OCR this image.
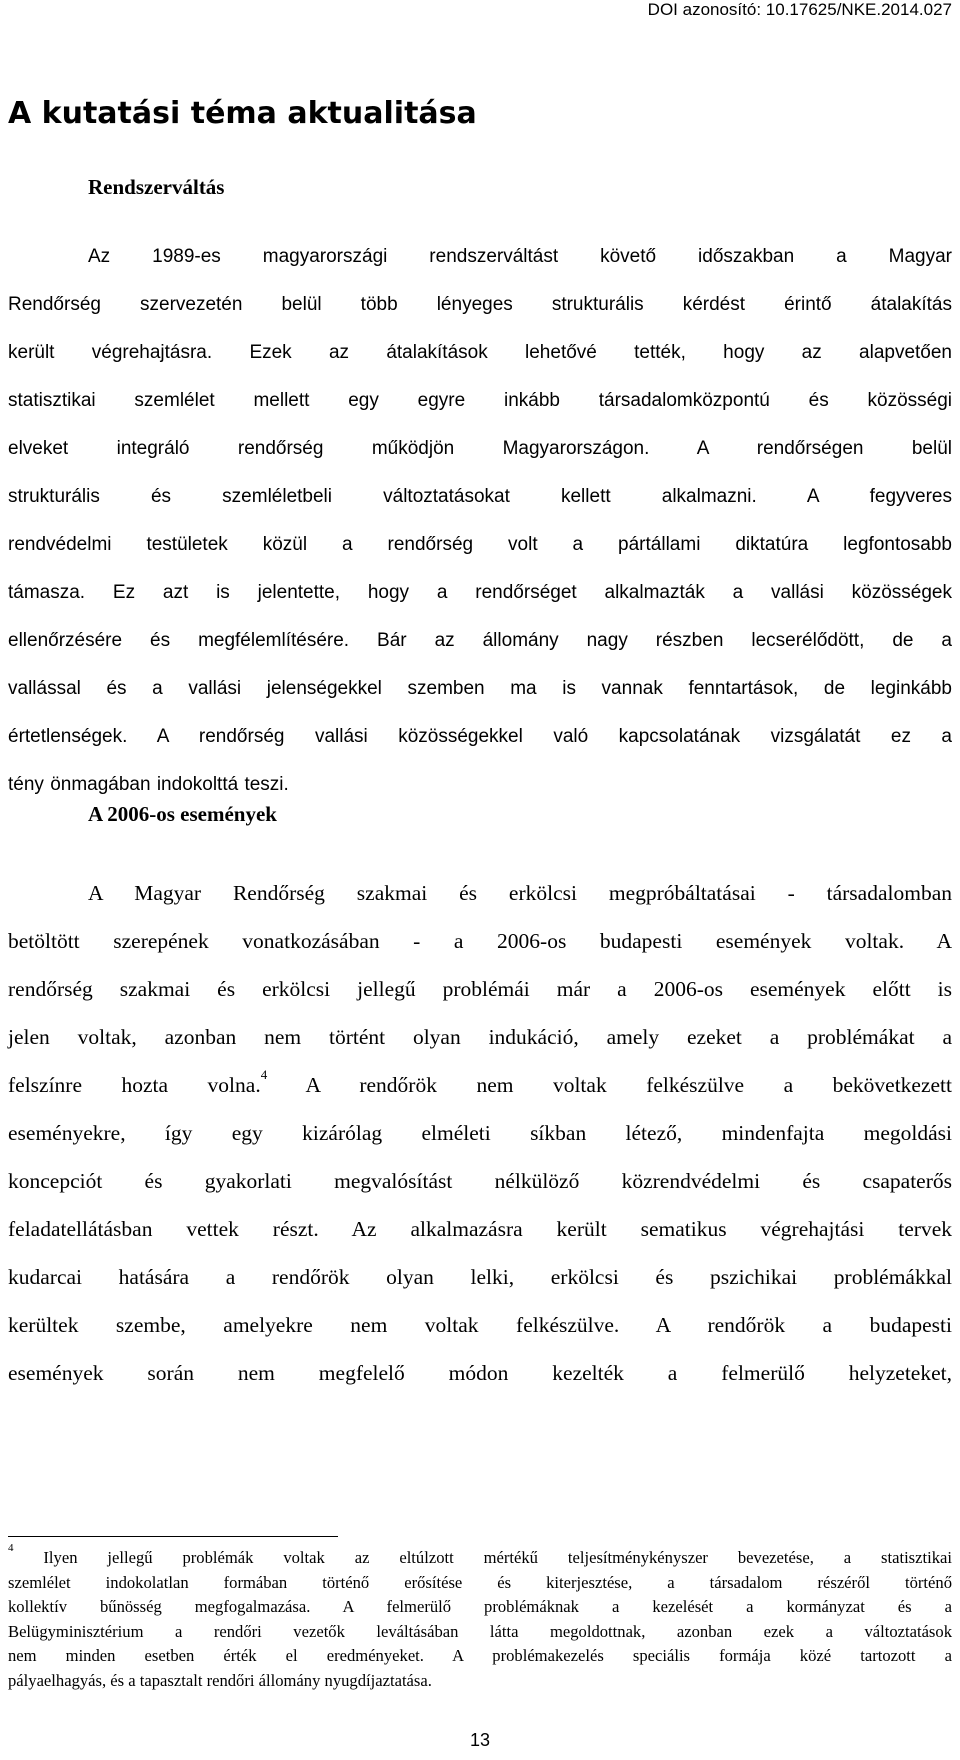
DOI azonosító: 10.17625/NKE.2014.027
A kutatási téma aktualitása
Rendszerváltás
Az 1989-es magyarországi rendszerváltást követő időszakban a Magyar
Rendőrség szervezetén belül több lényeges strukturális kérdést érintő átalakítás
került végrehajtásra. Ezek az átalakítások lehetővé tették, hogy az alapvetően
statisztikai szemlélet mellett egy egyre inkább társadalomközpontú és közösségi
elveket integráló rendőrség működjön Magyarországon. A rendőrségen belül
strukturális és szemléletbeli változtatásokat kellett alkalmazni. A fegyveres
rendvédelmi testületek közül a rendőrség volt a pártállami diktatúra legfontosabb
támasza. Ez azt is jelentette, hogy a rendőrséget alkalmazták a vallási közösségek
ellenőrzésére és megfélemlítésére. Bár az állomány nagy részben lecserélődött, de a
vallással és a vallási jelenségekkel szemben ma is vannak fenntartások, de leginkább
értetlenségek. A rendőrség vallási közösségekkel való kapcsolatának vizsgálatát ez a
tény önmagában indokolttá teszi.
A 2006-os események
A Magyar Rendőrség szakmai és erkölcsi megpróbáltatásai - társadalomban
betöltött szerepének vonatkozásában - a 2006-os budapesti események voltak. A
rendőrség szakmai és erkölcsi jellegű problémái már a 2006-os események előtt is
jelen voltak, azonban nem történt olyan indukáció, amely ezeket a problémákat a
felszínre hozta volna.$^4$ A rendőrök nem voltak felkészülve a bekövetkezett
eseményekre, így egy kizárólag elméleti síkban létező, mindenfajta megoldási
koncepciót és gyakorlati megvalósítást nélkülöző közrendvédelmi és csapaterős
feladatellátásban vettek részt. Az alkalmazásra került sematikus végrehajtási tervek
kudarcai hatására a rendőrök olyan lelki, erkölcsi és pszichikai problémákkal
kerültek szembe, amelyekre nem voltak felkészülve. A rendőrök a budapesti
események során nem megfelelő módon kezelték a felmerülő helyzeteket,
$^4$ Ilyen jellegű problémák voltak az eltúlzott mértékű teljesítménykényszer bevezetése, a statisztikai
szemlélet indokolatlan formában történő erősítése és kiterjesztése, a társadalom részéről történő
kollektív bűnösség megfogalmazása. A felmerülő problémáknak a kezelését a kormányzat és a
Belügyminisztérium a rendőri vezetők leváltásában látta megoldottnak, azonban ezek a változtatások
nem minden esetben érték el eredményeket. A problémakezelés speciális formája közé tartozott a
pályaelhagyás, és a tapasztalt rendőri állomány nyugdíjaztatása.
13
